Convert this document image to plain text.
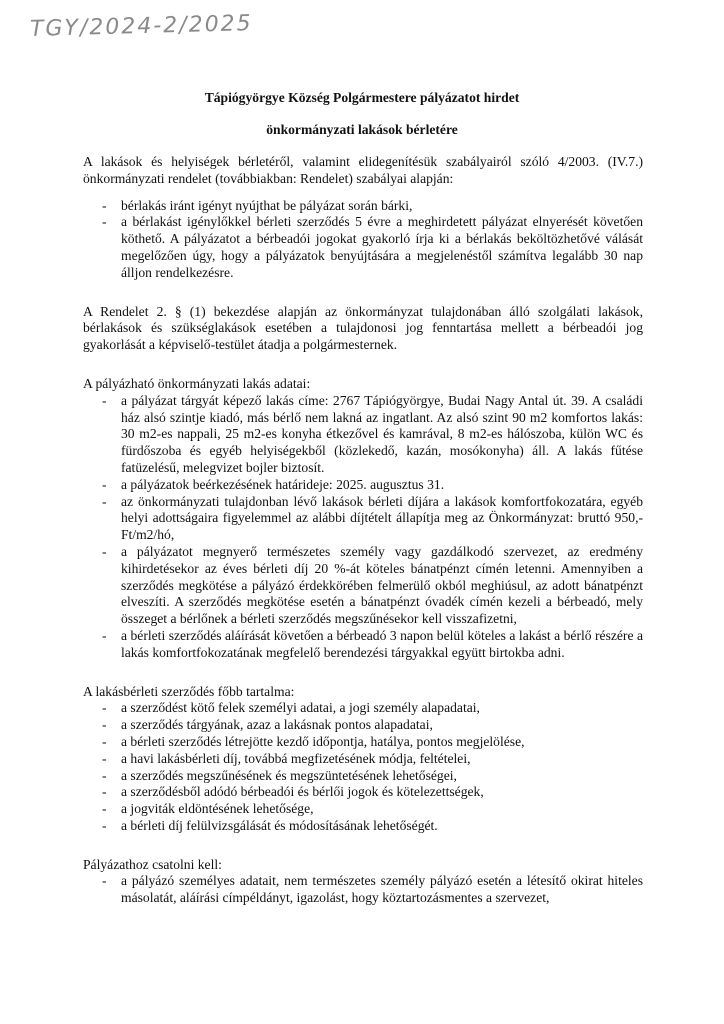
TGY/2024-2/2025
Tápiógyörgye Község Polgármestere pályázatot hirdet
önkormányzati lakások bérletére

A lakások és helyiségek bérletéről, valamint elidegenítésük szabályairól szóló 4/2003. (IV.7.) önkormányzati rendelet (továbbiakban: Rendelet) szabályai alapján:

- bérlakás iránt igényt nyújthat be pályázat során bárki,
- a bérlakást igénylőkkel bérleti szerződés 5 évre a meghirdetett pályázat elnyerését követően köthető. A pályázatot a bérbeadói jogokat gyakorló írja ki a bérlakás beköltözhetővé válását megelőzően úgy, hogy a pályázatok benyújtására a megjelenéstől számítva legalább 30 nap álljon rendelkezésre.

A Rendelet 2. § (1) bekezdése alapján az önkormányzat tulajdonában álló szolgálati lakások, bérlakások és szükséglakások esetében a tulajdonosi jog fenntartása mellett a bérbeadói jog gyakorlását a képviselő-testület átadja a polgármesternek.

A pályázható önkormányzati lakás adatai:

- a pályázat tárgyát képező lakás címe: 2767 Tápiógyörgye, Budai Nagy Antal út. 39. A családi ház alsó szintje kiadó, más bérlő nem lakná az ingatlant. Az alsó szint 90 m2 komfortos lakás: 30 m2-es nappali, 25 m2-es konyha étkezővel és kamrával, 8 m2-es hálószoba, külön WC és fürdőszoba és egyéb helyiségekből (közlekedő, kazán, mosókonyha) áll. A lakás fűtése fatüzelésű, melegvizet bojler biztosít.
- a pályázatok beérkezésének határideje: 2025. augusztus 31.
- az önkormányzati tulajdonban lévő lakások bérleti díjára a lakások komfortfokozatára, egyéb helyi adottságaira figyelemmel az alábbi díjtételt állapítja meg az Önkormányzat: bruttó 950,- Ft/m2/hó,
- a pályázatot megnyerő természetes személy vagy gazdálkodó szervezet, az eredmény kihirdetésekor az éves bérleti díj 20 %-át köteles bánatpénzt címén letenni. Amennyiben a szerződés megkötése a pályázó érdekkörében felmerülő okból meghiúsul, az adott bánatpénzt elveszíti. A szerződés megkötése esetén a bánatpénzt óvadék címén kezeli a bérbeadó, mely összeget a bérlőnek a bérleti szerződés megszűnésekor kell visszafizetni,
- a bérleti szerződés aláírását követően a bérbeadó 3 napon belül köteles a lakást a bérlő részére a lakás komfortfokozatának megfelelő berendezési tárgyakkal együtt birtokba adni.

A lakásbérleti szerződés főbb tartalma:

- a szerződést kötő felek személyi adatai, a jogi személy alapadatai,
- a szerződés tárgyának, azaz a lakásnak pontos alapadatai,
- a bérleti szerződés létrejötte kezdő időpontja, hatálya, pontos megjelölése,
- a havi lakásbérleti díj, továbbá megfizetésének módja, feltételei,
- a szerződés megszűnésének és megszüntetésének lehetőségei,
- a szerződésből adódó bérbeadói és bérlői jogok és kötelezettségek,
- a jogviták eldöntésének lehetősége,
- a bérleti díj felülvizsgálását és módosításának lehetőségét.

Pályázathoz csatolni kell:

- a pályázó személyes adatait, nem természetes személy pályázó esetén a létesítő okirat hiteles másolatát, aláírási címpéldányt, igazolást, hogy köztartozásmentes a szervezet,
